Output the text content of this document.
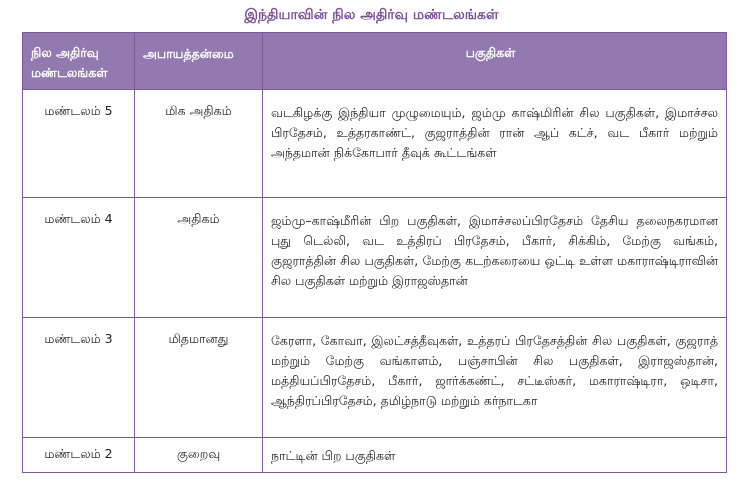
இந்தியாவின் நில அதிர்வு மண்டலங்கள்
நில அதிர்வு
மண்டலங்கள்	அபாயத்தன்மை	பகுதிகள்

மண்டலம் 5	மிக அதிகம்	வடகிழக்கு இந்தியா முழுமையும், ஜம்மு காஷ்மிரின் சில பகுதிகள், இமாச்சல பிரதேசம், உத்தரகாண்ட், குஜராத்தின் ரான் ஆப் கட்ச், வட பீகார் மற்றும் அந்தமான் நிக்கோபார் தீவுக் கூட்டங்கள்
மண்டலம் 4	அதிகம்	ஜம்மு–காஷ்மீரின் பிற பகுதிகள், இமாச்சலப்பிரதேசம் தேசிய தலைநகரமான புது டெல்லி, வட உத்திரப் பிரதேசம், பீகார், சிக்கிம், மேற்கு வங்கம், குஜராத்தின் சில பகுதிகள், மேற்கு கடற்கரையை ஒட்டி உள்ள மகாராஷ்டிராவின் சில பகுதிகள் மற்றும் இராஜஸ்தான்
மண்டலம் 3	மிதமானது	கேரளா, கோவா, இலட்சத்தீவுகள், உத்தரப் பிரதேசத்தின் சில பகுதிகள், குஜராத் மற்றும் மேற்கு வங்காளம், பஞ்சாபின் சில பகுதிகள், இராஜஸ்தான், மத்தியப்பிரதேசம், பீகார், ஜார்க்கண்ட், சட்டீஸ்கர், மகாராஷ்டிரா, ஒடிசா, ஆந்திரப்பிரதேசம், தமிழ்நாடு மற்றும் கர்நாடகா
மண்டலம் 2	குறைவு	நாட்டின் பிற பகுதிகள்
